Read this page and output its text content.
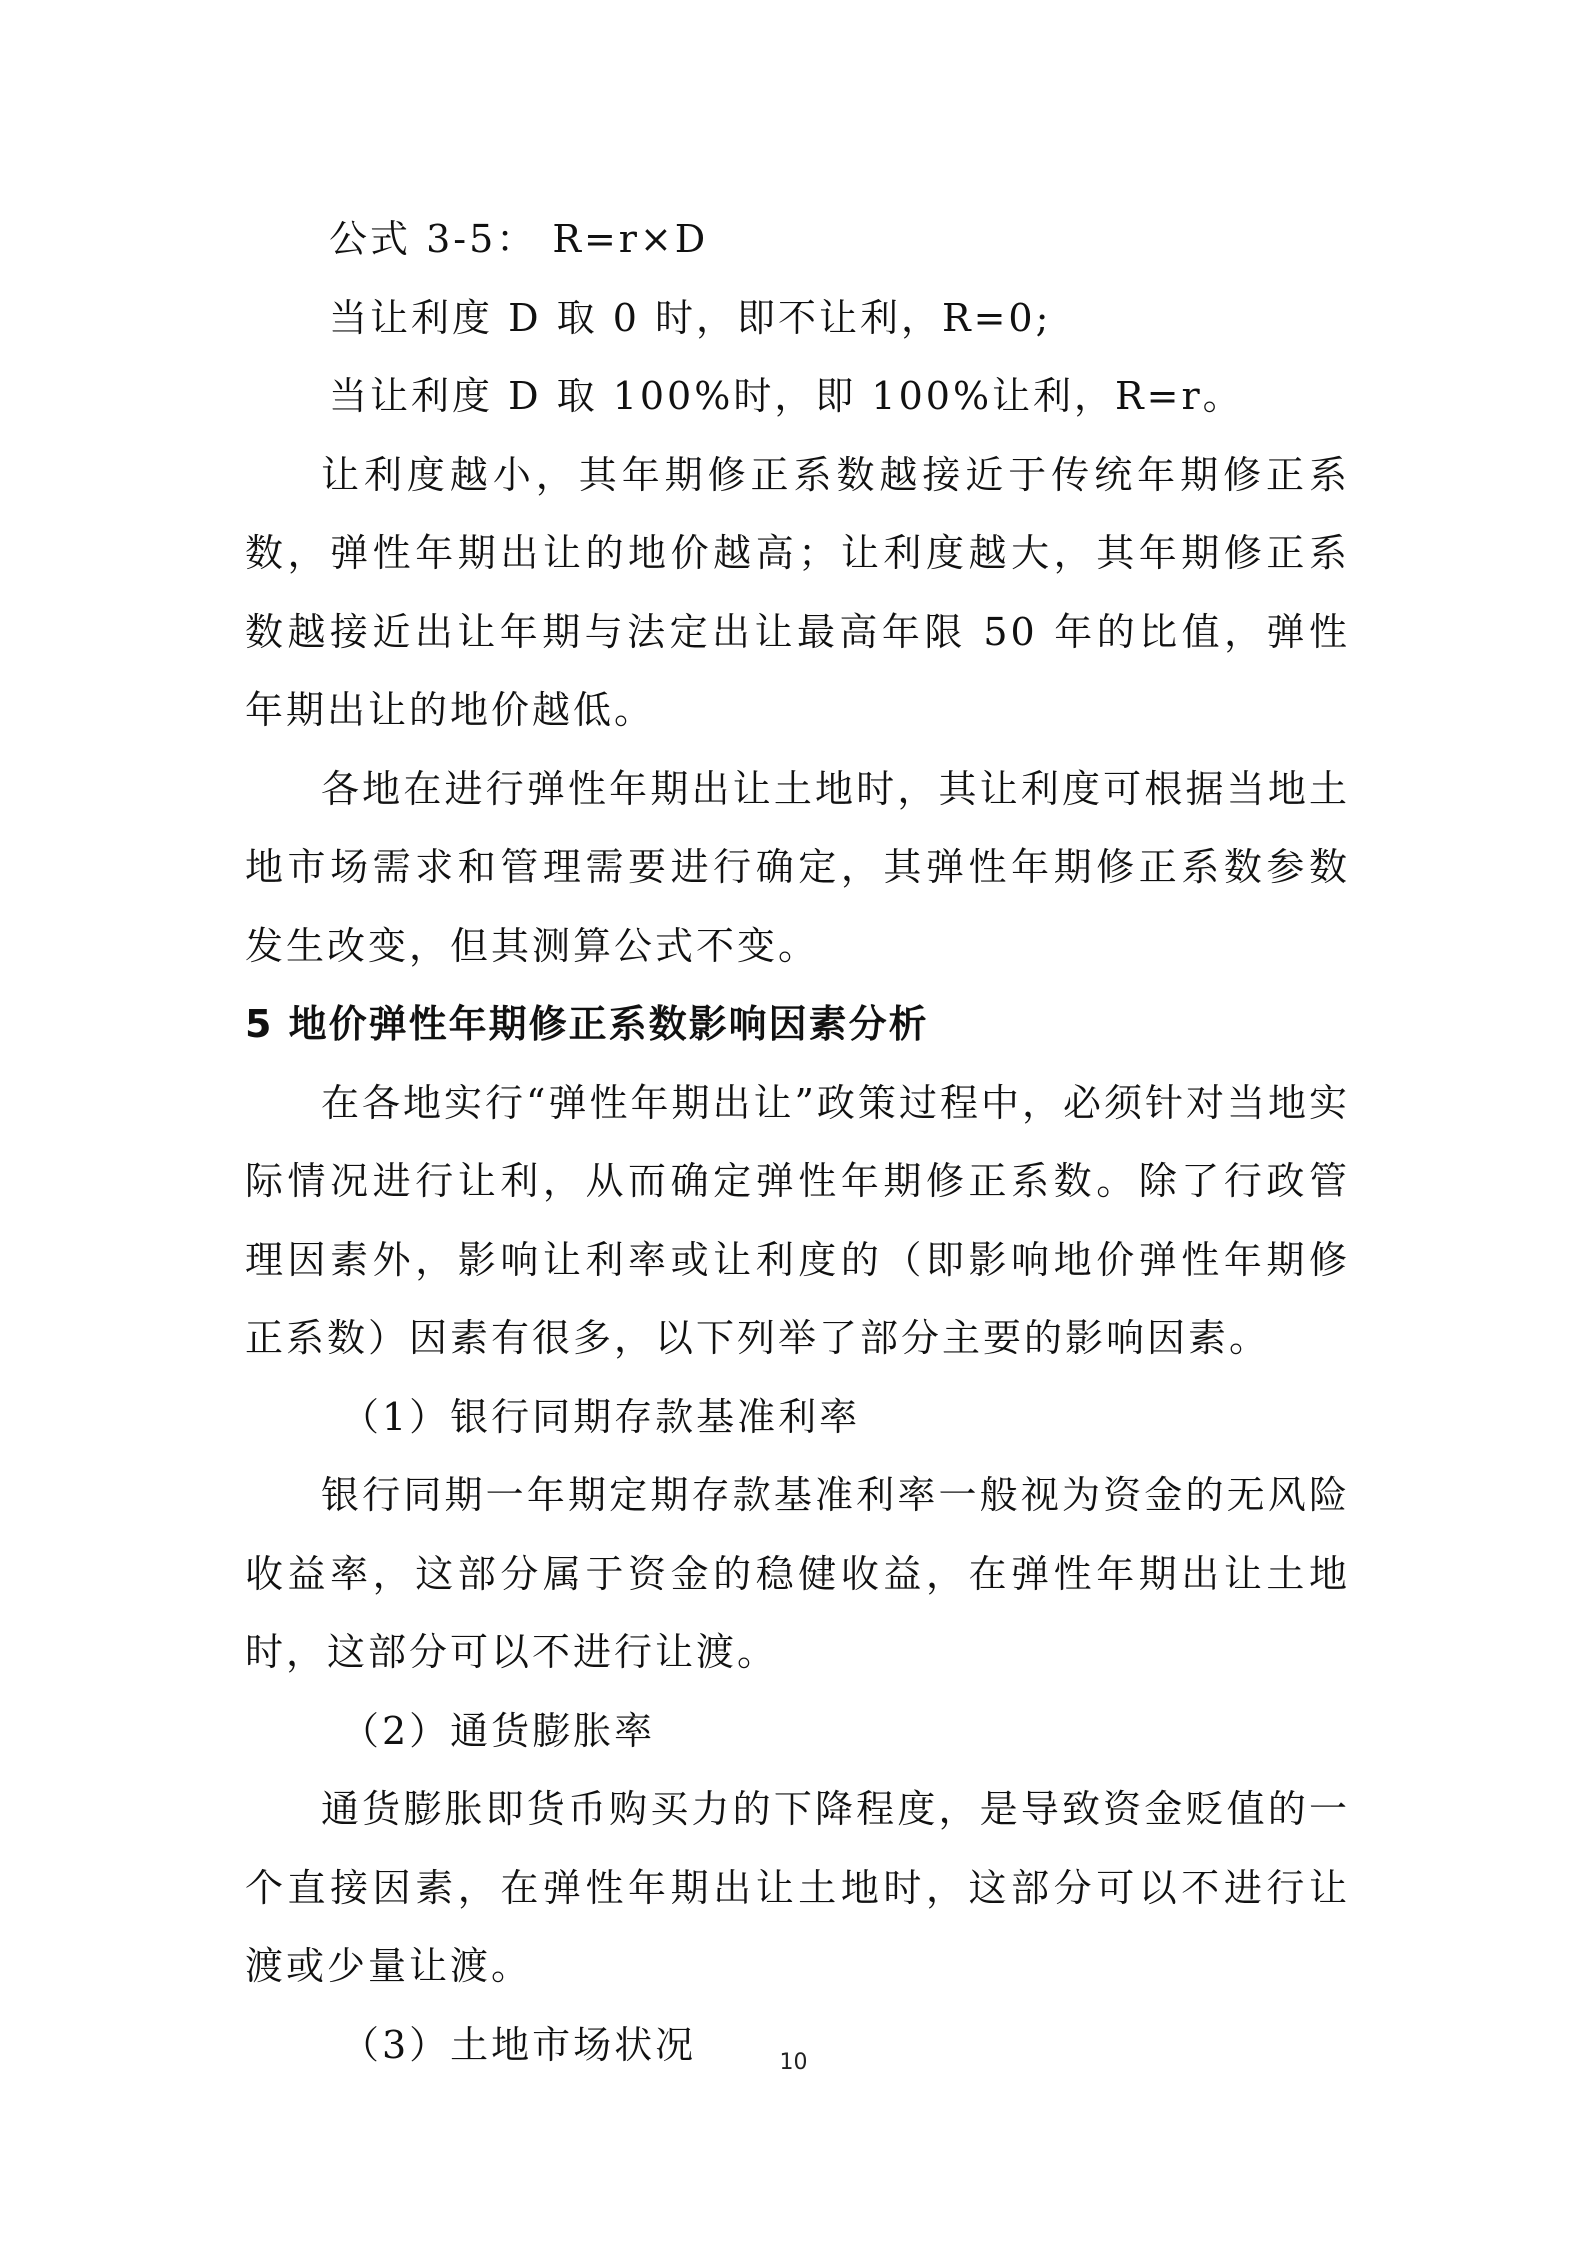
公式 3-5： R=r×D

当让利度 D 取 0 时，即不让利，R=0;

当让利度 D 取 100%时，即 100%让利，R=r。

让利度越小，其年期修正系数越接近于传统年期修正系数，弹性年期出让的地价越高；让利度越大，其年期修正系数越接近出让年期与法定出让最高年限 50 年的比值，弹性年期出让的地价越低。

各地在进行弹性年期出让土地时，其让利度可根据当地土地市场需求和管理需要进行确定，其弹性年期修正系数参数发生改变，但其测算公式不变。

5 地价弹性年期修正系数影响因素分析

在各地实行“弹性年期出让”政策过程中，必须针对当地实际情况进行让利，从而确定弹性年期修正系数。除了行政管理因素外，影响让利率或让利度的（即影响地价弹性年期修正系数）因素有很多，以下列举了部分主要的影响因素。

（1）银行同期存款基准利率

银行同期一年期定期存款基准利率一般视为资金的无风险收益率，这部分属于资金的稳健收益，在弹性年期出让土地时，这部分可以不进行让渡。

（2）通货膨胀率

通货膨胀即货币购买力的下降程度，是导致资金贬值的一个直接因素，在弹性年期出让土地时，这部分可以不进行让渡或少量让渡。

（3）土地市场状况	10
